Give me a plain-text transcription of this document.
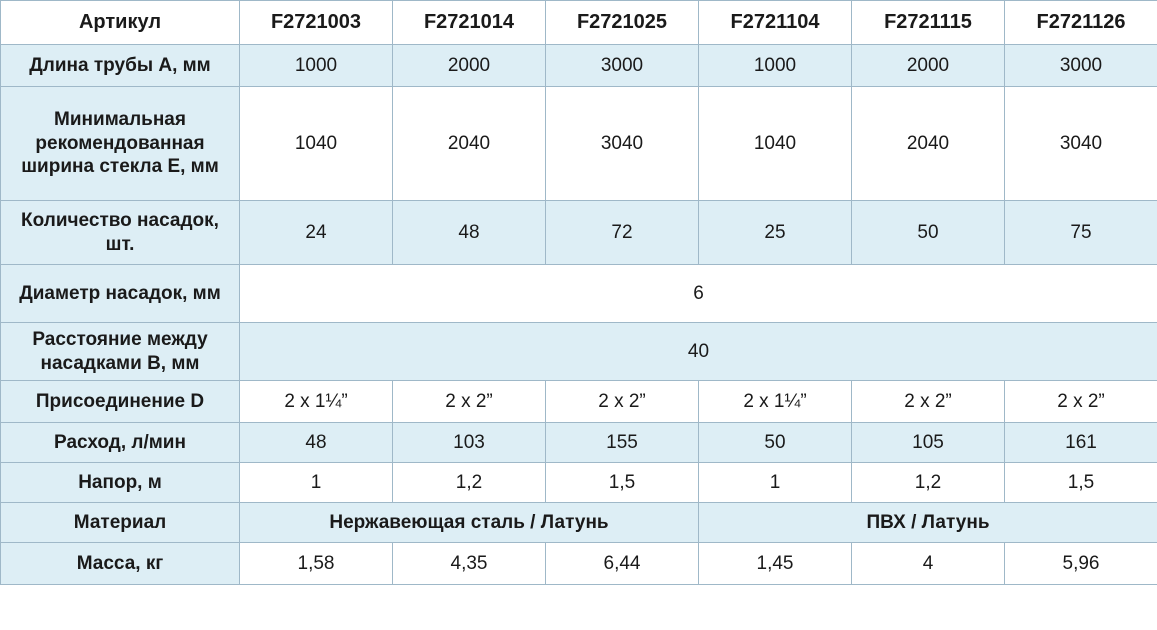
Артикул	F2721003	F2721014	F2721025	F2721104	F2721115	F2721126
Длина трубы A, мм	1000	2000	3000	1000	2000	3000
Минимальная рекомендованная ширина стекла E, мм	1040	2040	3040	1040	2040	3040
Количество насадок, шт.	24	48	72	25	50	75
Диаметр насадок, мм	6					
Расстояние между насадками B, мм	40					
Присоединение D	2 x 1¼”	2 x 2”	2 x 2”	2 x 1¼”	2 x 2”	2 x 2”
Расход, л/мин	48	103	155	50	105	161
Напор, м	1	1,2	1,5	1	1,2	1,5
Материал	Нержавеющая сталь / Латунь			ПВХ / Латунь		
Масса, кг	1,58	4,35	6,44	1,45	4	5,96
